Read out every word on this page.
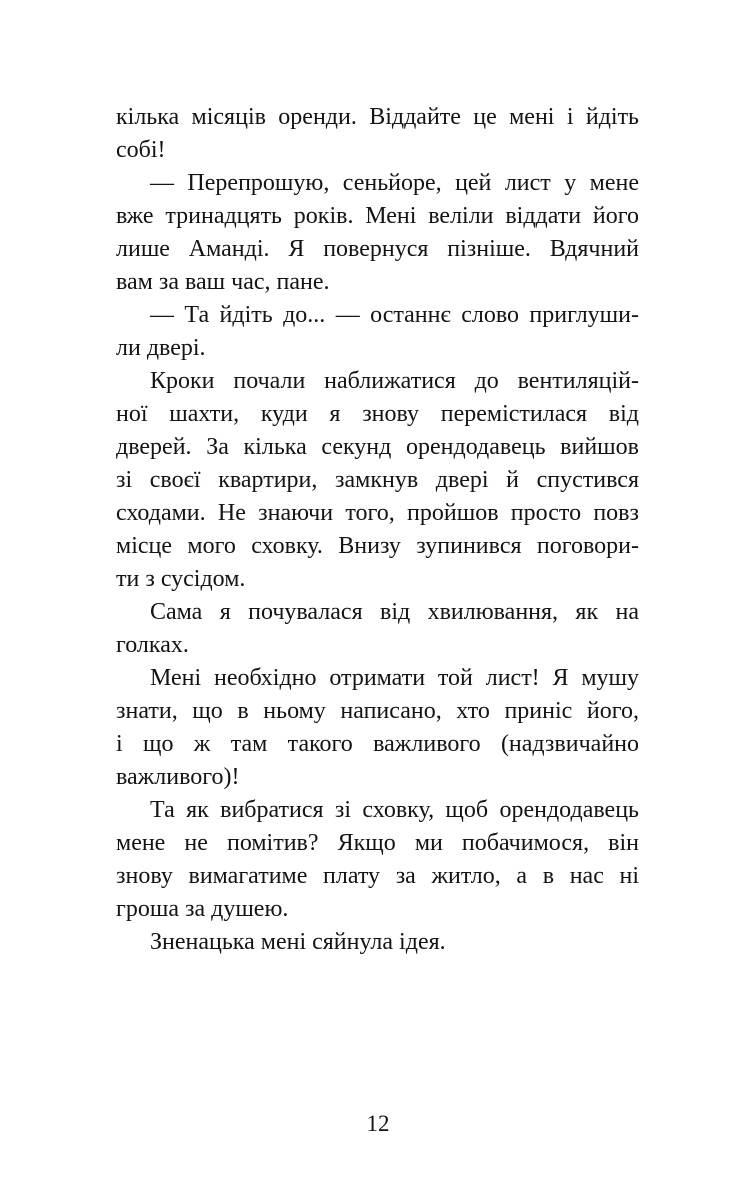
кілька місяців оренди. Віддайте це мені і йдіть
собі!
— Перепрошую, сеньйоре, цей лист у мене
вже тринадцять років. Мені веліли віддати його
лише Аманді. Я повернуся пізніше. Вдячний
вам за ваш час, пане.
— Та йдіть до... — останнє слово приглуши-
ли двері.
Кроки почали наближатися до вентиляцій-
ної шахти, куди я знову перемістилася від
дверей. За кілька секунд орендодавець вийшов
зі своєї квартири, замкнув двері й спустився
сходами. Не знаючи того, пройшов просто повз
місце мого сховку. Внизу зупинився поговори-
ти з сусідом.
Сама я почувалася від хвилювання, як на
голках.
Мені необхідно отримати той лист! Я мушу
знати, що в ньому написано, хто приніс його,
і що ж там такого важливого (надзвичайно
важливого)!
Та як вибратися зі сховку, щоб орендодавець
мене не помітив? Якщо ми побачимося, він
знову вимагатиме плату за житло, а в нас ні
гроша за душею.
Зненацька мені сяйнула ідея.
12
